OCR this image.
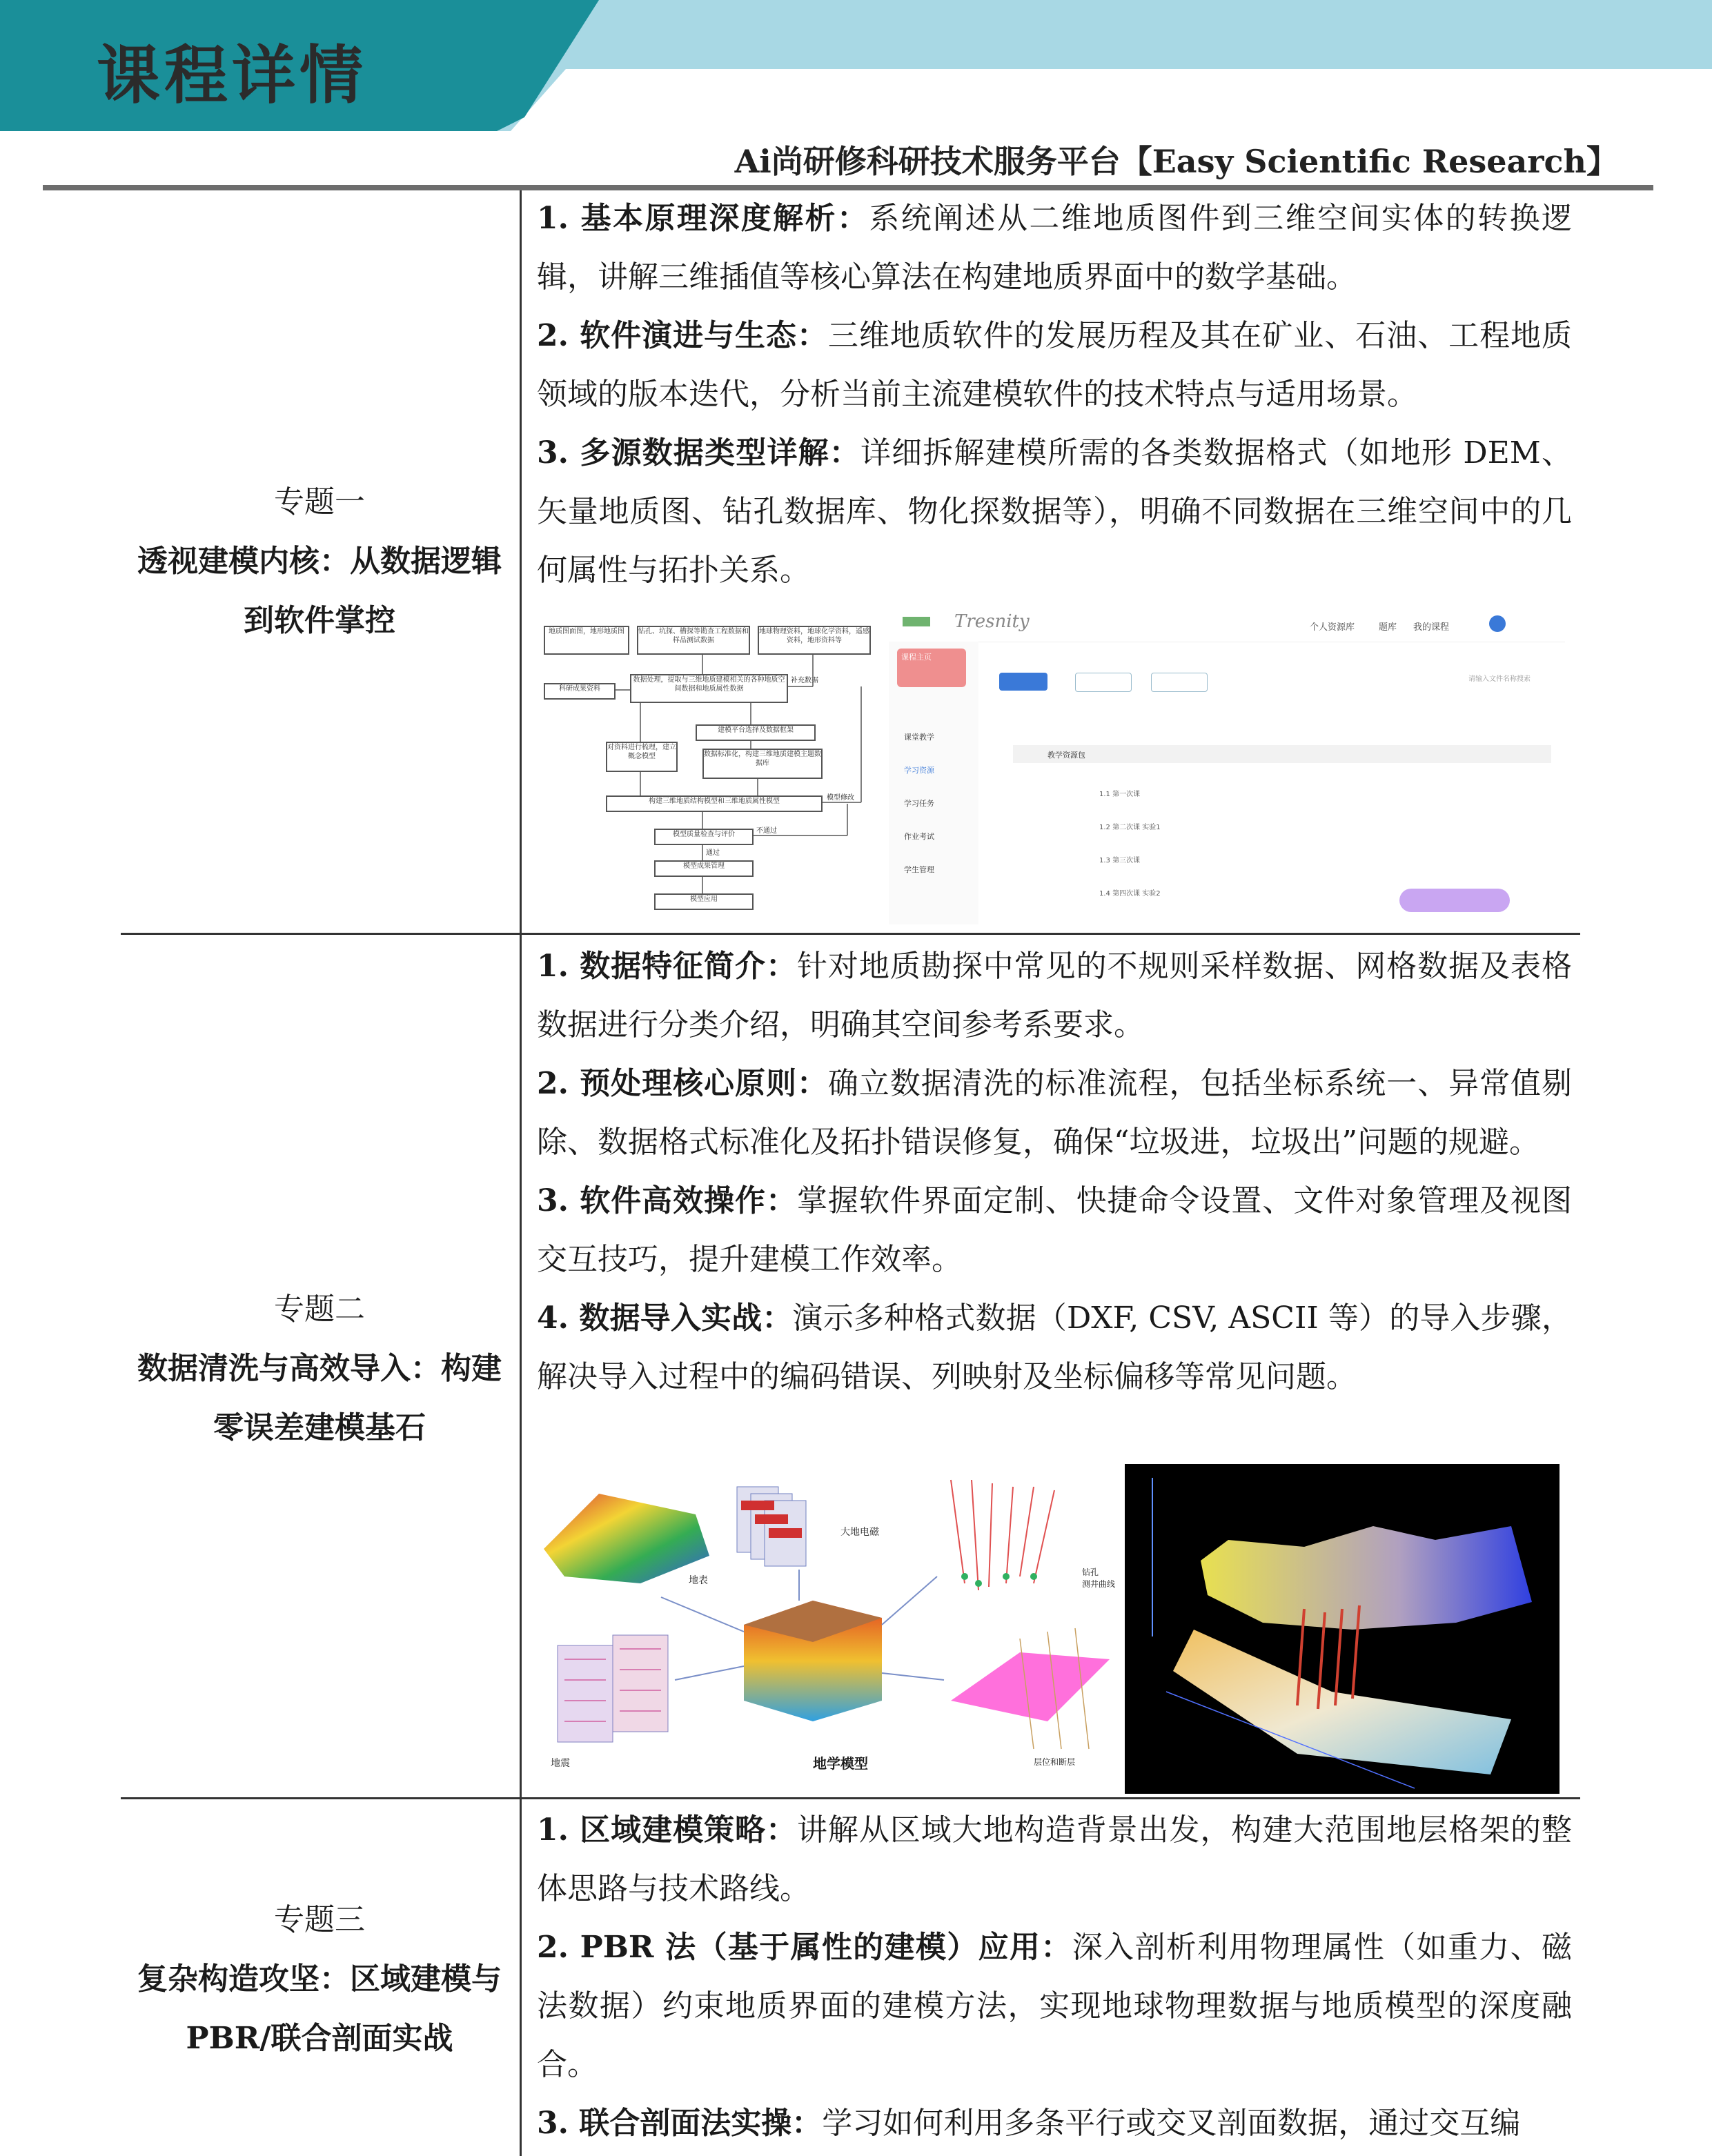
课程详情
Ai尚研修科研技术服务平台【Easy Scientific Research】
专题一
透视建模内核：从数据逻辑
到软件掌控

1. 基本原理深度解析：系统阐述从二维地质图件到三维空间实体的转换逻辑，讲解三维插值等核心算法在构建地质界面中的数学基础。

2. 软件演进与生态：三维地质软件的发展历程及其在矿业、石油、工程地质领域的版本迭代，分析当前主流建模软件的技术特点与适用场景。

3. 多源数据类型详解：详细拆解建模所需的各类数据格式（如地形 DEM、矢量地质图、钻孔数据库、物化探数据等），明确不同数据在三维空间中的几何属性与拓扑关系。

地质图面图，地形地质图	钻孔、坑探、槽探等勘查工程数据和样品测试数据
地球物理资料，地球化学资料，遥感资料，地形资料等
科研成果资料
补充数据
数据处理，提取与三维地质建模相关的各种地质空间数据和地质属性数据
建模平台选择及数据框架
对资料进行梳理，建立概念模型	数据标准化，构建三维地质建模主题数据库
构建三维地质结构模型和三维地质属性模型	模型修改
模型质量检查与评价	不通过
通过
模型成果管理
模型应用
Tresnity	个人资源库	题库 我的课程
课程主页
课堂教学
学习资源
学习任务
作业考试
学生管理
请输入文件名称搜索
教学资源包
1.1 第一次课
1.2 第二次课 实验1
1.3 第三次课
1.4 第四次课 实验2
专题二
数据清洗与高效导入：构建
零误差建模基石

1. 数据特征简介：针对地质勘探中常见的不规则采样数据、网格数据及表格数据进行分类介绍，明确其空间参考系要求。

2. 预处理核心原则：确立数据清洗的标准流程，包括坐标系统一、异常值剔除、数据格式标准化及拓扑错误修复，确保“垃圾进，垃圾出”问题的规避。

3. 软件高效操作：掌握软件界面定制、快捷命令设置、文件对象管理及视图交互技巧，提升建模工作效率。

4. 数据导入实战：演示多种格式数据（DXF, CSV, ASCII 等）的导入步骤，解决导入过程中的编码错误、列映射及坐标偏移等常见问题。

地表
大地电磁
钻孔
测井曲线
地震	地学模型	层位和断层
专题三
复杂构造攻坚：区域建模与
PBR/联合剖面实战

1. 区域建模策略：讲解从区域大地构造背景出发，构建大范围地层格架的整体思路与技术路线。

2. PBR 法（基于属性的建模）应用：深入剖析利用物理属性（如重力、磁法数据）约束地质界面的建模方法，实现地球物理数据与地质模型的深度融合。

3. 联合剖面法实操：学习如何利用多条平行或交叉剖面数据，通过交互编
